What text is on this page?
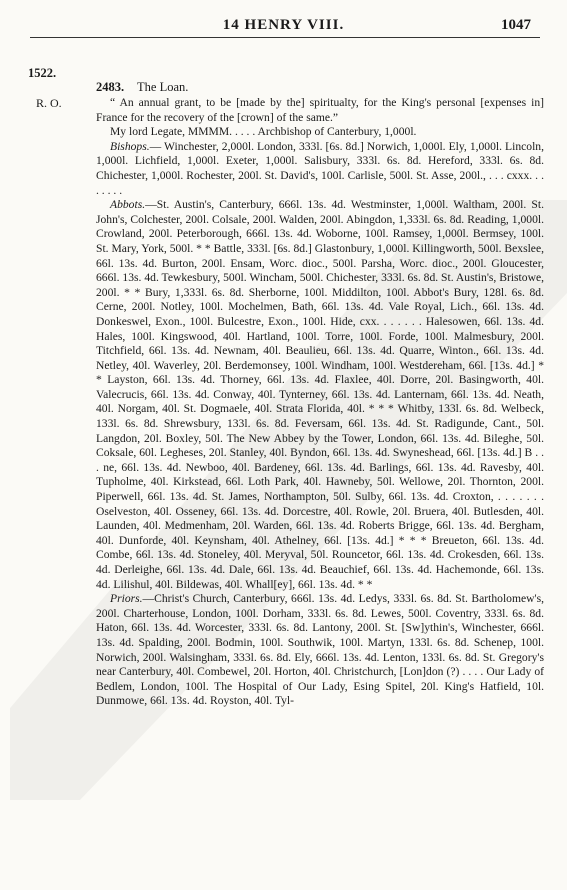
14 HENRY VIII.	1047
1522.
R. O.
2483. The Loan.

“ An annual grant, to be [made by the] spiritualty, for the King's personal [expenses in] France for the recovery of the [crown] of the same.”

My lord Legate, MMMM. . . . . Archbishop of Canterbury, 1,000l.

Bishops.— Winchester, 2,000l. London, 333l. [6s. 8d.] Norwich, 1,000l. Ely, 1,000l. Lincoln, 1,000l. Lichfield, 1,000l. Exeter, 1,000l. Salisbury, 333l. 6s. 8d. Hereford, 333l. 6s. 8d. Chichester, 1,000l. Rochester, 200l. St. David's, 100l. Carlisle, 500l. St. Asse, 200l., . . . cxxx. . . . . . . .

Abbots.—St. Austin's, Canterbury, 666l. 13s. 4d. Westminster, 1,000l. Waltham, 200l. St. John's, Colchester, 200l. Colsale, 200l. Walden, 200l. Abingdon, 1,333l. 6s. 8d. Reading, 1,000l. Crowland, 200l. Peterborough, 666l. 13s. 4d. Woborne, 100l. Ramsey, 1,000l. Bermsey, 100l. St. Mary, York, 500l. * * Battle, 333l. [6s. 8d.] Glastonbury, 1,000l. Killingworth, 500l. Bexslee, 66l. 13s. 4d. Burton, 200l. Ensam, Worc. dioc., 500l. Parsha, Worc. dioc., 200l. Gloucester, 666l. 13s. 4d. Tewkesbury, 500l. Wincham, 500l. Chichester, 333l. 6s. 8d. St. Austin's, Bristowe, 200l. * * Bury, 1,333l. 6s. 8d. Sherborne, 100l. Middilton, 100l. Abbot's Bury, 128l. 6s. 8d. Cerne, 200l. Notley, 100l. Mochelmen, Bath, 66l. 13s. 4d. Vale Royal, Lich., 66l. 13s. 4d. Donkeswel, Exon., 100l. Bulcestre, Exon., 100l. Hide, cxx. . . . . . . Halesowen, 66l. 13s. 4d. Hales, 100l. Kingswood, 40l. Hartland, 100l. Torre, 100l. Forde, 100l. Malmesbury, 200l. Titchfield, 66l. 13s. 4d. Newnam, 40l. Beaulieu, 66l. 13s. 4d. Quarre, Winton., 66l. 13s. 4d. Netley, 40l. Waverley, 20l. Berdemonsey, 100l. Windham, 100l. Westdereham, 66l. [13s. 4d.] * * Layston, 66l. 13s. 4d. Thorney, 66l. 13s. 4d. Flaxlee, 40l. Dorre, 20l. Basingworth, 40l. Valecrucis, 66l. 13s. 4d. Conway, 40l. Tynterney, 66l. 13s. 4d. Lanternam, 66l. 13s. 4d. Neath, 40l. Norgam, 40l. St. Dogmaele, 40l. Strata Florida, 40l. * * * Whitby, 133l. 6s. 8d. Welbeck, 133l. 6s. 8d. Shrewsbury, 133l. 6s. 8d. Feversam, 66l. 13s. 4d. St. Radigunde, Cant., 50l. Langdon, 20l. Boxley, 50l. The New Abbey by the Tower, London, 66l. 13s. 4d. Bileghe, 50l. Coksale, 60l. Legheses, 20l. Stanley, 40l. Byndon, 66l. 13s. 4d. Swyneshead, 66l. [13s. 4d.] B . . . ne, 66l. 13s. 4d. Newboo, 40l. Bardeney, 66l. 13s. 4d. Barlings, 66l. 13s. 4d. Ravesby, 40l. Tupholme, 40l. Kirkstead, 66l. Loth Park, 40l. Hawneby, 50l. Wellowe, 20l. Thornton, 200l. Piperwell, 66l. 13s. 4d. St. James, Northampton, 50l. Sulby, 66l. 13s. 4d. Croxton, . . . . . . . Oselveston, 40l. Osseney, 66l. 13s. 4d. Dorcestre, 40l. Rowle, 20l. Bruera, 40l. Butlesden, 40l. Launden, 40l. Medmenham, 20l. Warden, 66l. 13s. 4d. Roberts Brigge, 66l. 13s. 4d. Bergham, 40l. Dunforde, 40l. Keynsham, 40l. Athelney, 66l. [13s. 4d.] * * * Breueton, 66l. 13s. 4d. Combe, 66l. 13s. 4d. Stoneley, 40l. Meryval, 50l. Rouncetor, 66l. 13s. 4d. Crokesden, 66l. 13s. 4d. Derleighe, 66l. 13s. 4d. Dale, 66l. 13s. 4d. Beauchief, 66l. 13s. 4d. Hachemonde, 66l. 13s. 4d. Lilishul, 40l. Bildewas, 40l. Whall[ey], 66l. 13s. 4d. * *

Priors.—Christ's Church, Canterbury, 666l. 13s. 4d. Ledys, 333l. 6s. 8d. St. Bartholomew's, 200l. Charterhouse, London, 100l. Dorham, 333l. 6s. 8d. Lewes, 500l. Coventry, 333l. 6s. 8d. Haton, 66l. 13s. 4d. Worcester, 333l. 6s. 8d. Lantony, 200l. St. [Sw]ythin's, Winchester, 666l. 13s. 4d. Spalding, 200l. Bodmin, 100l. Southwik, 100l. Martyn, 133l. 6s. 8d. Schenep, 100l. Norwich, 200l. Walsingham, 333l. 6s. 8d. Ely, 666l. 13s. 4d. Lenton, 133l. 6s. 8d. St. Gregory's near Canterbury, 40l. Combewel, 20l. Horton, 40l. Christchurch, [Lon]don (?) . . . . Our Lady of Bedlem, London, 100l. The Hospital of Our Lady, Esing Spitel, 20l. King's Hatfield, 10l. Dunmowe, 66l. 13s. 4d. Royston, 40l. Tyl-
